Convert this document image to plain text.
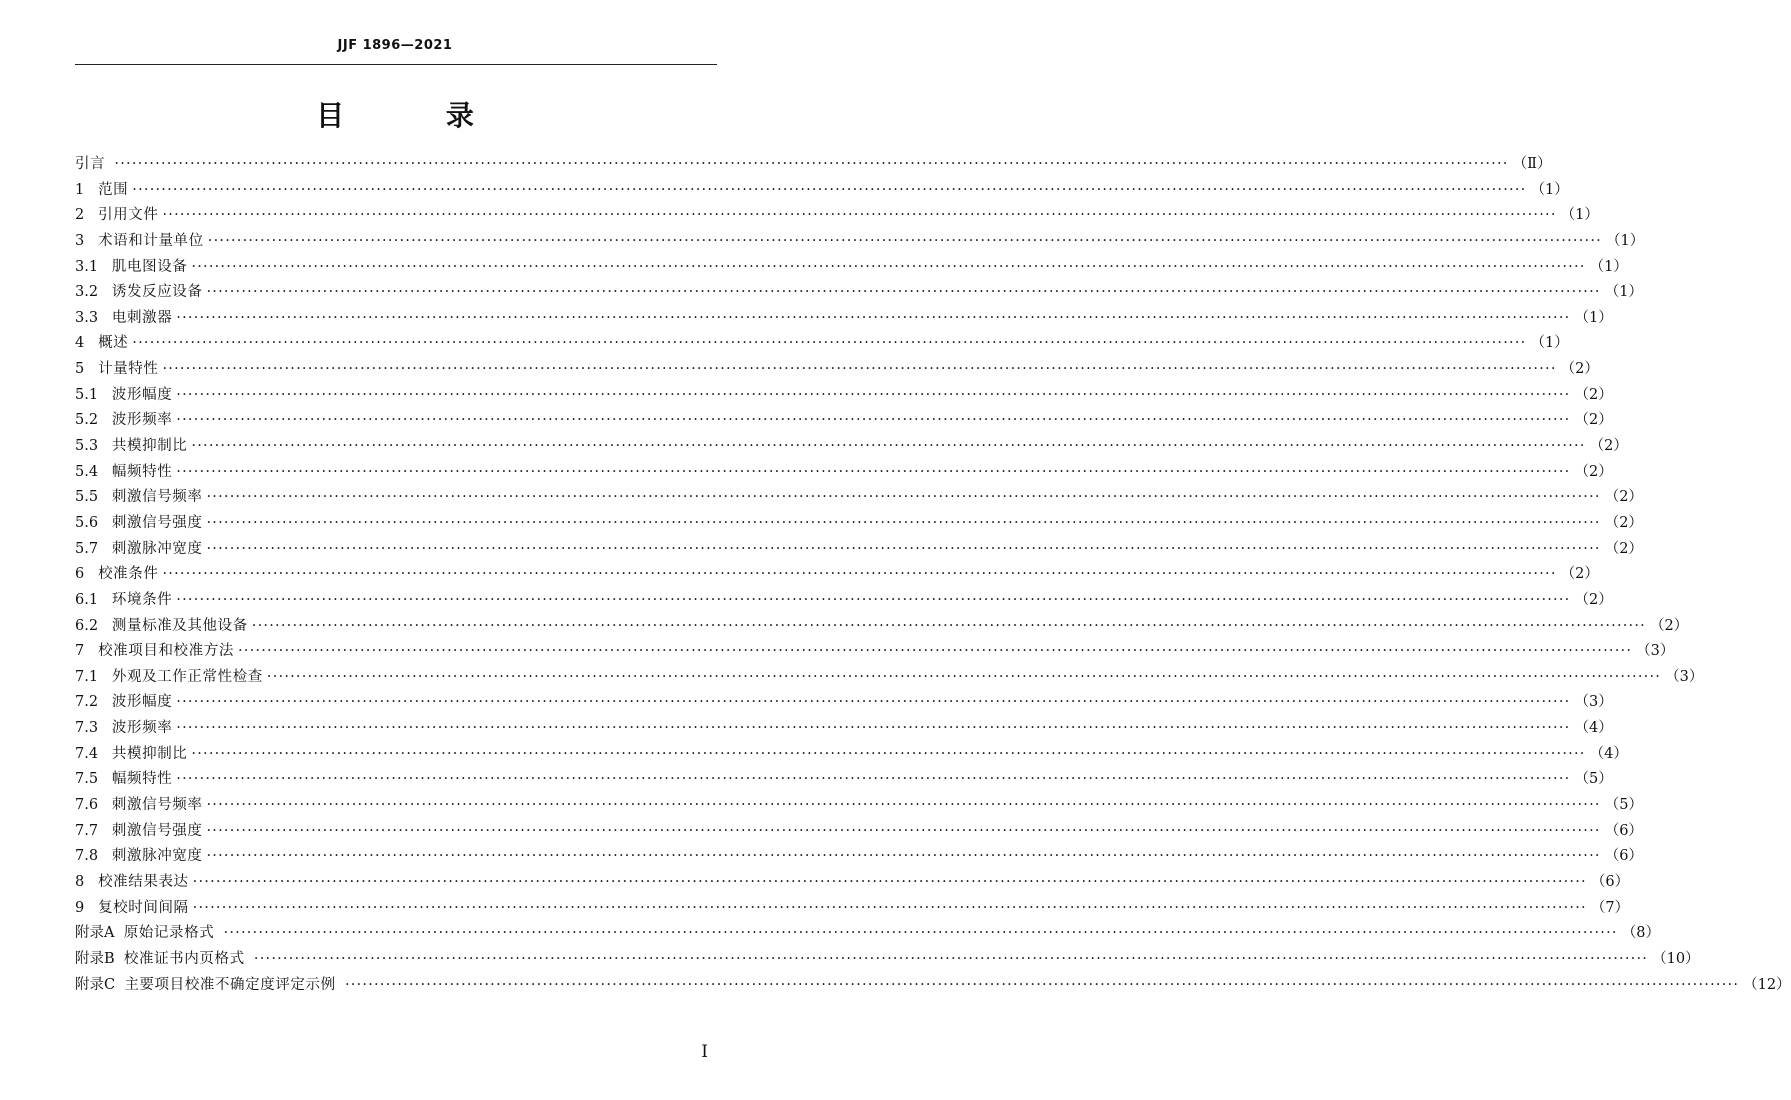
JJF 1896—2021
目 录
引言 ················································································································································································································································ （Ⅱ）
1 范围 ················································································································································································································································ （1）
2 引用文件 ················································································································································································································································ （1）
3 术语和计量单位 ················································································································································································································································ （1）
3.1 肌电图设备 ················································································································································································································································ （1）
3.2 诱发反应设备 ················································································································································································································································ （1）
3.3 电刺激器 ················································································································································································································································ （1）
4 概述 ················································································································································································································································ （1）
5 计量特性 ················································································································································································································································ （2）
5.1 波形幅度 ················································································································································································································································ （2）
5.2 波形频率 ················································································································································································································································ （2）
5.3 共模抑制比 ················································································································································································································································ （2）
5.4 幅频特性 ················································································································································································································································ （2）
5.5 刺激信号频率 ················································································································································································································································ （2）
5.6 刺激信号强度 ················································································································································································································································ （2）
5.7 刺激脉冲宽度 ················································································································································································································································ （2）
6 校准条件 ················································································································································································································································ （2）
6.1 环境条件 ················································································································································································································································ （2）
6.2 测量标准及其他设备 ················································································································································································································································ （2）
7 校准项目和校准方法 ················································································································································································································································ （3）
7.1 外观及工作正常性检查 ················································································································································································································································ （3）
7.2 波形幅度 ················································································································································································································································ （3）
7.3 波形频率 ················································································································································································································································ （4）
7.4 共模抑制比 ················································································································································································································································ （4）
7.5 幅频特性 ················································································································································································································································ （5）
7.6 刺激信号频率 ················································································································································································································································ （5）
7.7 刺激信号强度 ················································································································································································································································ （6）
7.8 刺激脉冲宽度 ················································································································································································································································ （6）
8 校准结果表达 ················································································································································································································································ （6）
9 复校时间间隔 ················································································································································································································································ （7）
附录A 原始记录格式 ················································································································································································································································ （8）
附录B 校准证书内页格式 ················································································································································································································································ （10）
附录C 主要项目校准不确定度评定示例 ················································································································································································································································ （12）
I
